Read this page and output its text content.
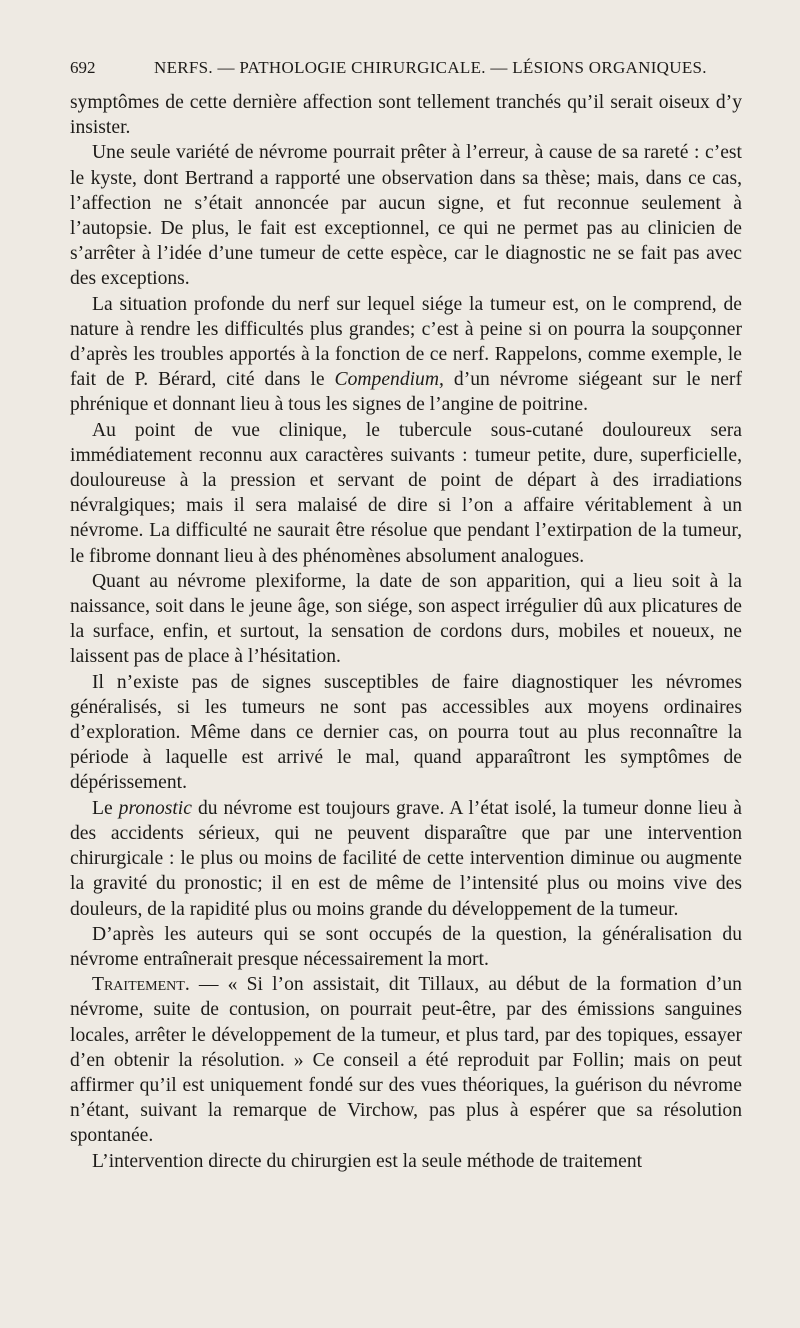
692	NERFS. — PATHOLOGIE CHIRURGICALE. — LÉSIONS ORGANIQUES.

symptômes de cette dernière affection sont tellement tranchés qu’il serait oiseux d’y insister.

Une seule variété de névrome pourrait prêter à l’erreur, à cause de sa rareté : c’est le kyste, dont Bertrand a rapporté une observation dans sa thèse; mais, dans ce cas, l’affection ne s’était annoncée par aucun signe, et fut reconnue seulement à l’autopsie. De plus, le fait est exceptionnel, ce qui ne permet pas au clinicien de s’arrêter à l’idée d’une tumeur de cette espèce, car le diagnostic ne se fait pas avec des exceptions.

La situation profonde du nerf sur lequel siége la tumeur est, on le comprend, de nature à rendre les difficultés plus grandes; c’est à peine si on pourra la soupçonner d’après les troubles apportés à la fonction de ce nerf. Rappelons, comme exemple, le fait de P. Bérard, cité dans le Compendium, d’un névrome siégeant sur le nerf phrénique et donnant lieu à tous les signes de l’angine de poitrine.

Au point de vue clinique, le tubercule sous-cutané douloureux sera immédiatement reconnu aux caractères suivants : tumeur petite, dure, superficielle, douloureuse à la pression et servant de point de départ à des irradiations névralgiques; mais il sera malaisé de dire si l’on a affaire véritablement à un névrome. La difficulté ne saurait être résolue que pendant l’extirpation de la tumeur, le fibrome donnant lieu à des phénomènes absolument analogues.

Quant au névrome plexiforme, la date de son apparition, qui a lieu soit à la naissance, soit dans le jeune âge, son siége, son aspect irrégulier dû aux plicatures de la surface, enfin, et surtout, la sensation de cordons durs, mobiles et noueux, ne laissent pas de place à l’hésitation.

Il n’existe pas de signes susceptibles de faire diagnostiquer les névromes généralisés, si les tumeurs ne sont pas accessibles aux moyens ordinaires d’exploration. Même dans ce dernier cas, on pourra tout au plus reconnaître la période à laquelle est arrivé le mal, quand apparaîtront les symptômes de dépérissement.

Le pronostic du névrome est toujours grave. A l’état isolé, la tumeur donne lieu à des accidents sérieux, qui ne peuvent disparaître que par une intervention chirurgicale : le plus ou moins de facilité de cette intervention diminue ou augmente la gravité du pronostic; il en est de même de l’intensité plus ou moins vive des douleurs, de la rapidité plus ou moins grande du développement de la tumeur.

D’après les auteurs qui se sont occupés de la question, la généralisation du névrome entraînerait presque nécessairement la mort.

Traitement. — « Si l’on assistait, dit Tillaux, au début de la formation d’un névrome, suite de contusion, on pourrait peut-être, par des émissions sanguines locales, arrêter le développement de la tumeur, et plus tard, par des topiques, essayer d’en obtenir la résolution. » Ce conseil a été reproduit par Follin; mais on peut affirmer qu’il est uniquement fondé sur des vues théoriques, la guérison du névrome n’étant, suivant la remarque de Virchow, pas plus à espérer que sa résolution spontanée.

L’intervention directe du chirurgien est la seule méthode de traitement
